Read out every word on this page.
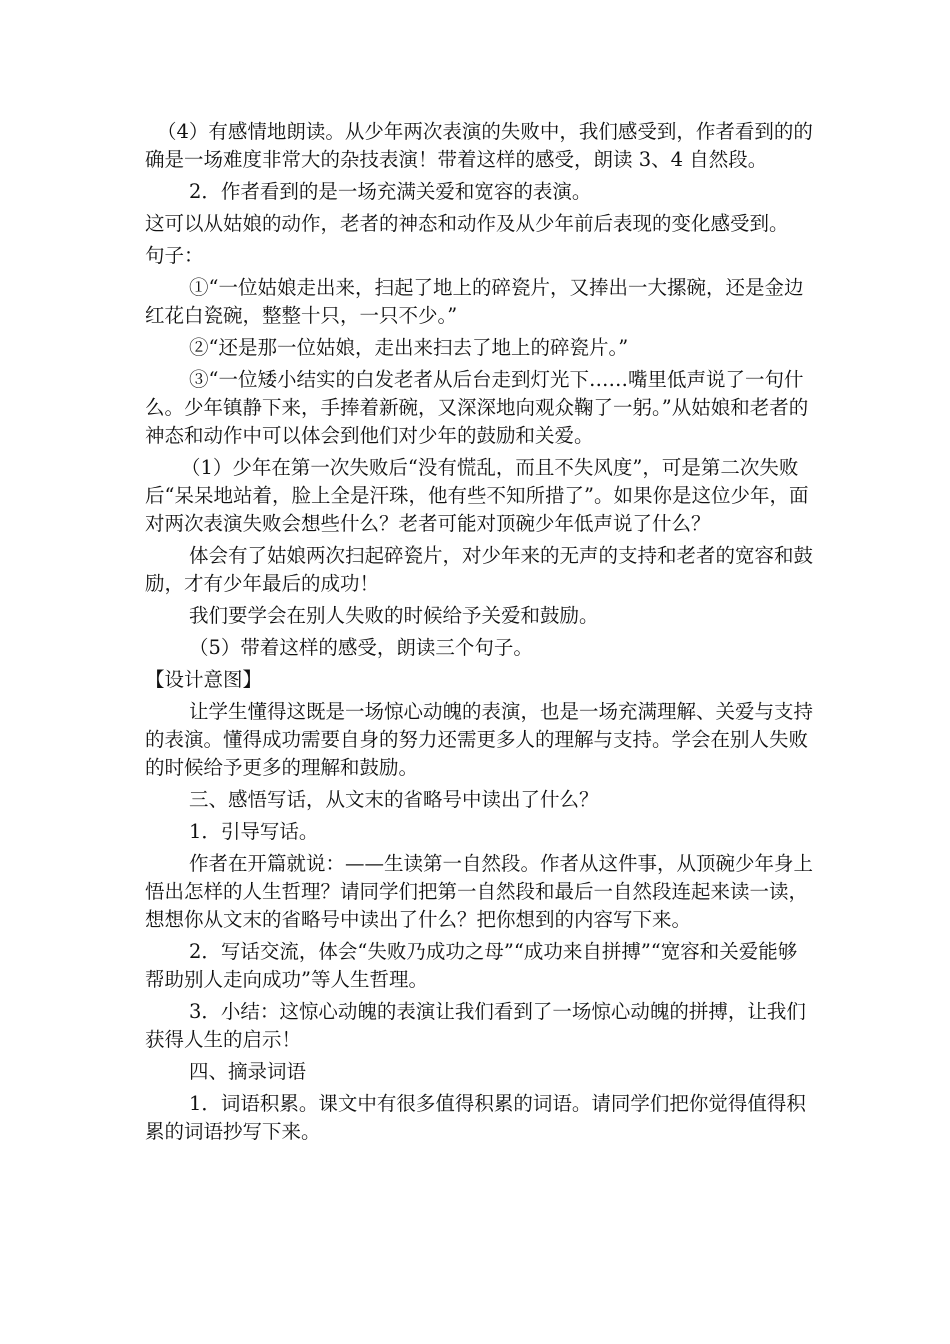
（4）有感情地朗读。从少年两次表演的失败中，我们感受到，作者看到的的确是一场难度非常大的杂技表演！带着这样的感受，朗读 3、4 自然段。

2．作者看到的是一场充满关爱和宽容的表演。

这可以从姑娘的动作，老者的神态和动作及从少年前后表现的变化感受到。

句子：

①“一位姑娘走出来，扫起了地上的碎瓷片，又捧出一大摞碗，还是金边红花白瓷碗，整整十只，一只不少。”

②“还是那一位姑娘，走出来扫去了地上的碎瓷片。”

③“一位矮小结实的白发老者从后台走到灯光下……嘴里低声说了一句什么。少年镇静下来，手捧着新碗，又深深地向观众鞠了一躬。”从姑娘和老者的神态和动作中可以体会到他们对少年的鼓励和关爱。

（1）少年在第一次失败后“没有慌乱，而且不失风度”，可是第二次失败后“呆呆地站着，脸上全是汗珠，他有些不知所措了”。如果你是这位少年，面对两次表演失败会想些什么？老者可能对顶碗少年低声说了什么？

体会有了姑娘两次扫起碎瓷片，对少年来的无声的支持和老者的宽容和鼓励，才有少年最后的成功！

我们要学会在别人失败的时候给予关爱和鼓励。

（5）带着这样的感受，朗读三个句子。

【设计意图】

让学生懂得这既是一场惊心动魄的表演，也是一场充满理解、关爱与支持的表演。懂得成功需要自身的努力还需更多人的理解与支持。学会在别人失败的时候给予更多的理解和鼓励。

三、感悟写话，从文末的省略号中读出了什么？

1．引导写话。

作者在开篇就说：——生读第一自然段。作者从这件事，从顶碗少年身上悟出怎样的人生哲理？请同学们把第一自然段和最后一自然段连起来读一读，想想你从文末的省略号中读出了什么？把你想到的内容写下来。

2．写话交流，体会“失败乃成功之母”“成功来自拼搏”“宽容和关爱能够帮助别人走向成功”等人生哲理。

3．小结：这惊心动魄的表演让我们看到了一场惊心动魄的拼搏，让我们获得人生的启示！

四、摘录词语

1．词语积累。课文中有很多值得积累的词语。请同学们把你觉得值得积累的词语抄写下来。
